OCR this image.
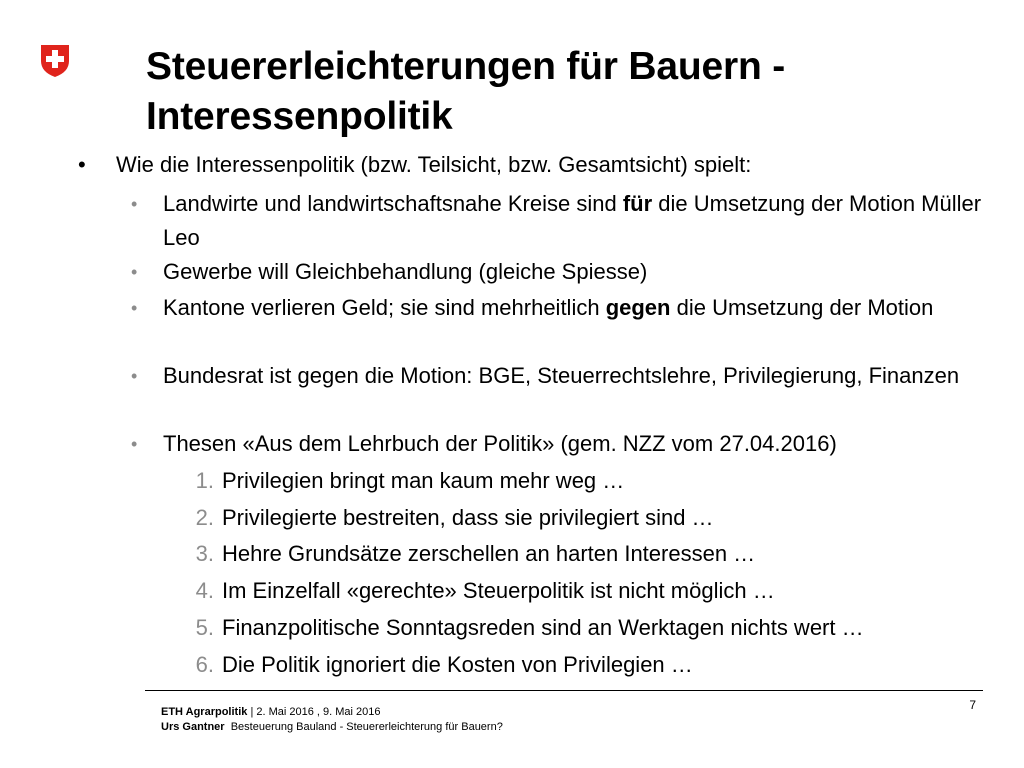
Steuererleichterungen für Bauern -
Interessenpolitik
• Wie die Interessenpolitik (bzw. Teilsicht, bzw. Gesamtsicht) spielt:
• Landwirte und landwirtschaftsnahe Kreise sind für die Umsetzung der Motion Müller Leo
• Gewerbe will Gleichbehandlung (gleiche Spiesse)
• Kantone verlieren Geld; sie sind mehrheitlich gegen die Umsetzung der Motion
• Bundesrat ist gegen die Motion: BGE, Steuerrechtslehre, Privilegierung, Finanzen
• Thesen «Aus dem Lehrbuch der Politik» (gem. NZZ vom 27.04.2016)
1. Privilegien bringt man kaum mehr weg …
2. Privilegierte bestreiten, dass sie privilegiert sind …
3. Hehre Grundsätze zerschellen an harten Interessen …
4. Im Einzelfall «gerechte» Steuerpolitik ist nicht möglich …
5. Finanzpolitische Sonntagsreden sind an Werktagen nichts wert …
6. Die Politik ignoriert die Kosten von Privilegien …
7
ETH Agrarpolitik | 2. Mai 2016 , 9. Mai 2016
Urs Gantner Besteuerung Bauland - Steuererleichterung für Bauern?
